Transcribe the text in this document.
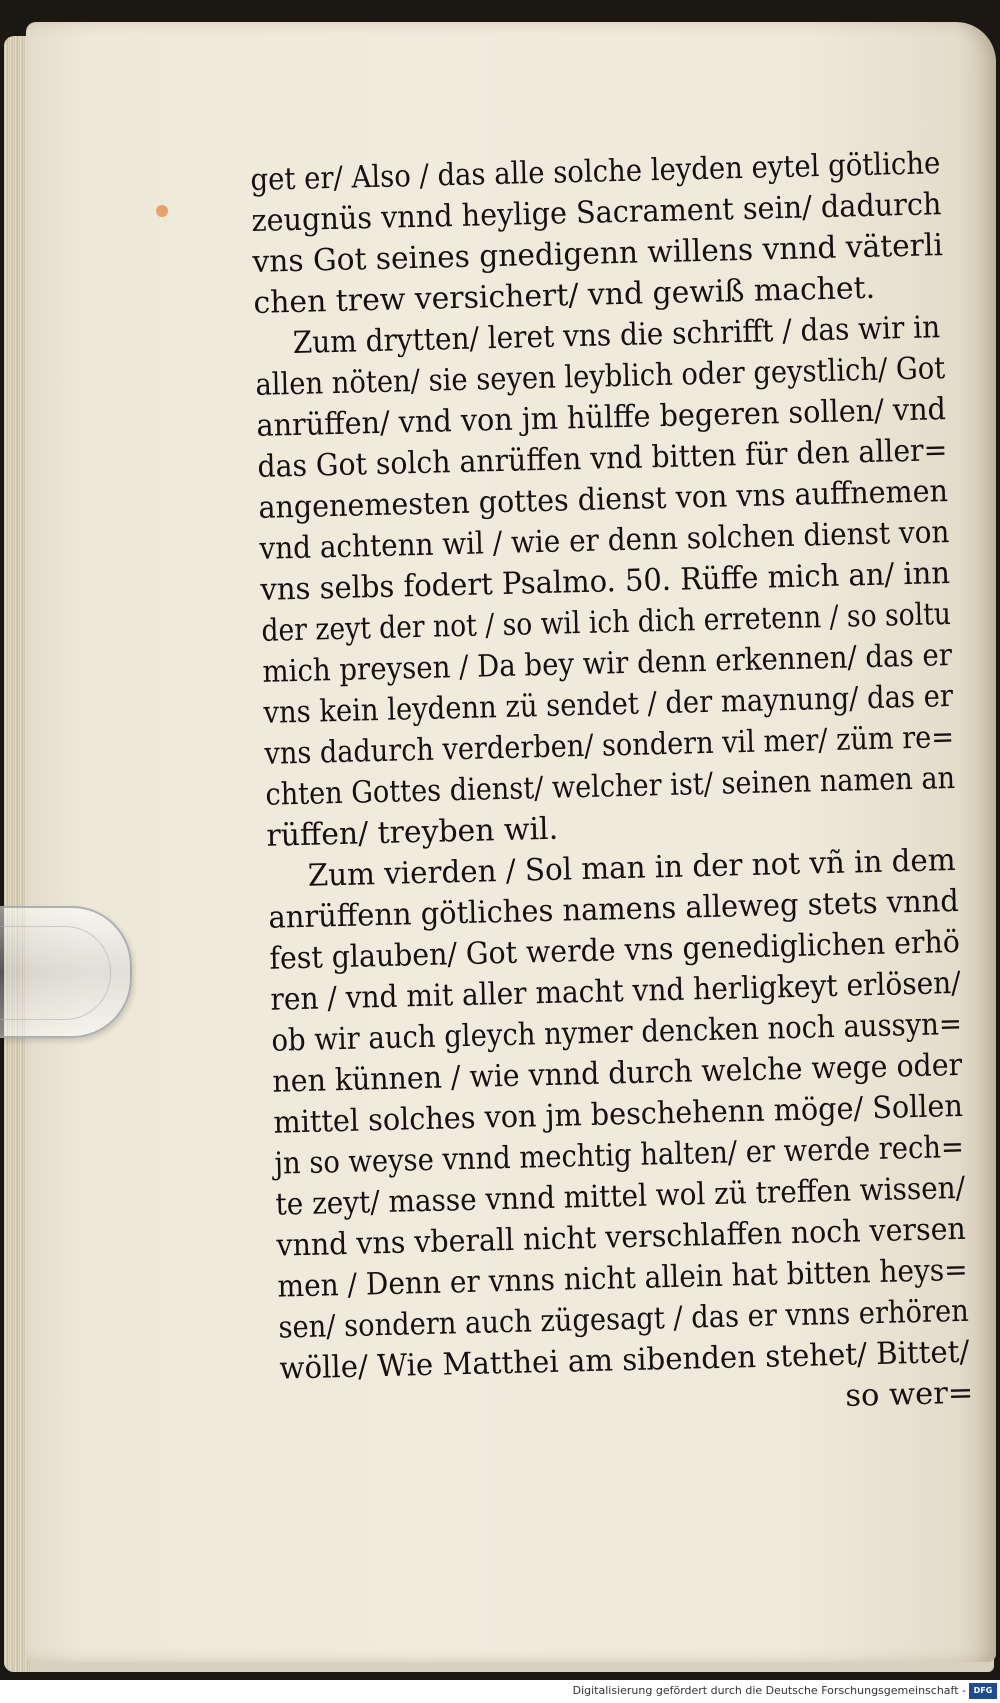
get er/ Also / das alle solche leyden eytel götliche
zeugnüs vnnd heylige Sacrament sein/ dadurch
vns Got seines gnedigenn willens vnnd väterli
chen trew versichert/ vnd gewiß machet.
Zum drytten/ leret vns die schrifft / das wir in
allen nöten/ sie seyen leyblich oder geystlich/ Got
anrüffen/ vnd von jm hülffe begeren sollen/ vnd
das Got solch anrüffen vnd bitten für den aller=
angenemesten gottes dienst von vns auffnemen
vnd achtenn wil / wie er denn solchen dienst von
vns selbs fodert Psalmo. 50. Rüffe mich an/ inn
der zeyt der not / so wil ich dich erretenn / so soltu
mich preysen / Da bey wir denn erkennen/ das er
vns kein leydenn zü sendet / der maynung/ das er
vns dadurch verderben/ sondern vil mer/ züm re=
chten Gottes dienst/ welcher ist/ seinen namen an
rüffen/ treyben wil.
Zum vierden / Sol man in der not vñ in dem
anrüffenn götliches namens alleweg stets vnnd
fest glauben/ Got werde vns genediglichen erhö
ren / vnd mit aller macht vnd herligkeyt erlösen/
ob wir auch gleych nymer dencken noch aussyn=
nen künnen / wie vnnd durch welche wege oder
mittel solches von jm beschehenn möge/ Sollen
jn so weyse vnnd mechtig halten/ er werde rech=
te zeyt/ masse vnnd mittel wol zü treffen wissen/
vnnd vns vberall nicht verschlaffen noch versen
men / Denn er vnns nicht allein hat bitten heys=
sen/ sondern auch zügesagt / das er vnns erhören
wölle/ Wie Matthei am sibenden stehet/ Bittet/
so wer=
Digitalisierung gefördert durch die Deutsche Forschungsgemeinschaft - DFG
